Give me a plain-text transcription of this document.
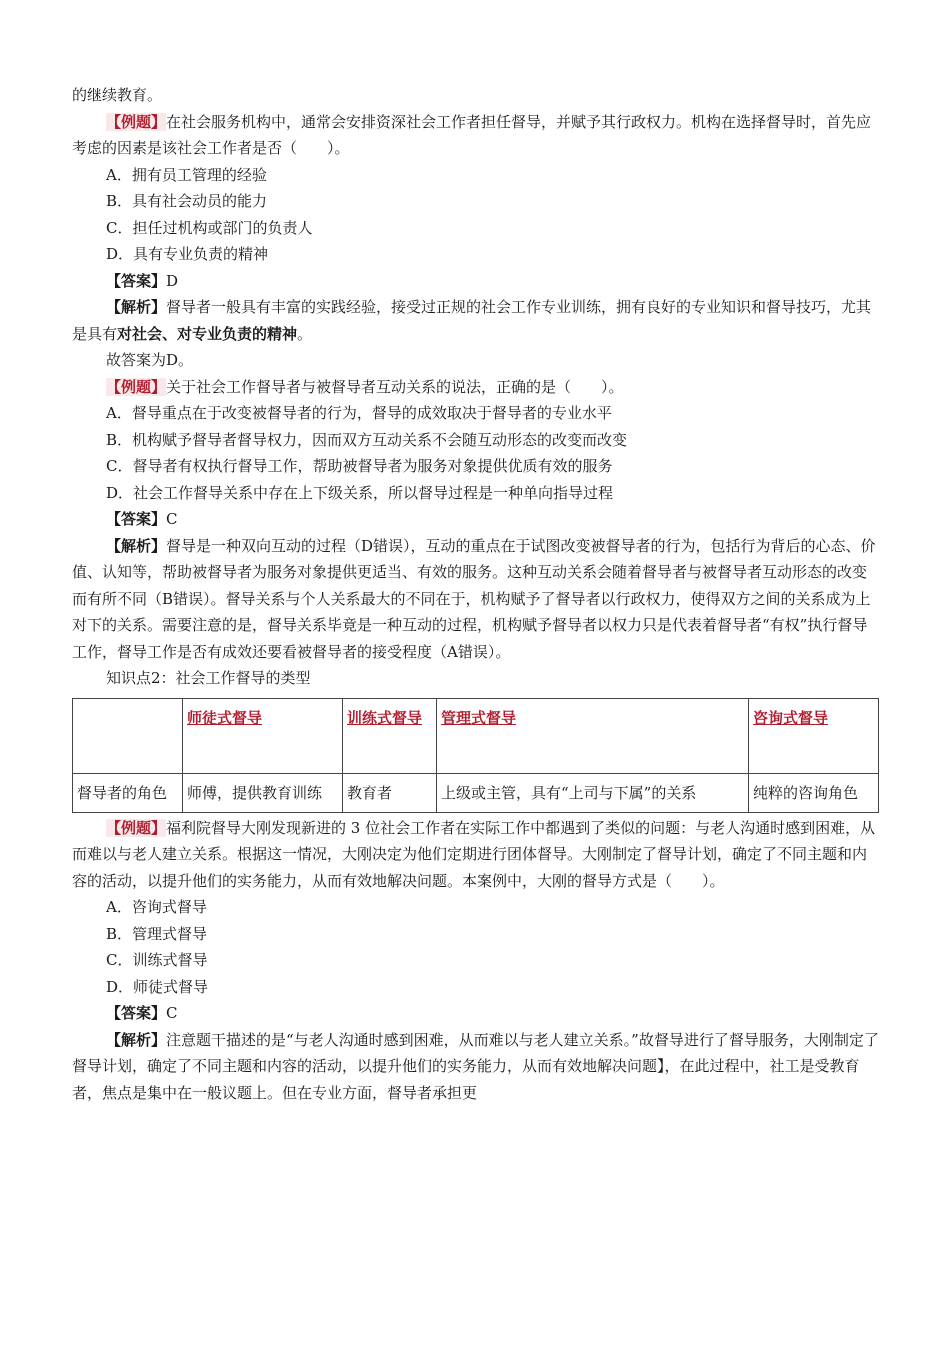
的继续教育。

【例题】在社会服务机构中，通常会安排资深社会工作者担任督导，并赋予其行政权力。机构在选择督导时，首先应考虑的因素是该社会工作者是否（　　）。

A．拥有员工管理的经验

B．具有社会动员的能力

C．担任过机构或部门的负责人

D．具有专业负责的精神

【答案】D

【解析】督导者一般具有丰富的实践经验，接受过正规的社会工作专业训练，拥有良好的专业知识和督导技巧，尤其是具有对社会、对专业负责的精神。

故答案为D。

【例题】关于社会工作督导者与被督导者互动关系的说法，正确的是（　　）。

A．督导重点在于改变被督导者的行为，督导的成效取决于督导者的专业水平

B．机构赋予督导者督导权力，因而双方互动关系不会随互动形态的改变而改变

C．督导者有权执行督导工作，帮助被督导者为服务对象提供优质有效的服务

D．社会工作督导关系中存在上下级关系，所以督导过程是一种单向指导过程

【答案】C

【解析】督导是一种双向互动的过程（D错误），互动的重点在于试图改变被督导者的行为，包括行为背后的心态、价值、认知等，帮助被督导者为服务对象提供更适当、有效的服务。这种互动关系会随着督导者与被督导者互动形态的改变而有所不同（B错误）。督导关系与个人关系最大的不同在于，机构赋予了督导者以行政权力，使得双方之间的关系成为上对下的关系。需要注意的是，督导关系毕竟是一种互动的过程，机构赋予督导者以权力只是代表着督导者“有权”执行督导工作，督导工作是否有成效还要看被督导者的接受程度（A错误）。

知识点2：社会工作督导的类型

	师徒式督导	训练式督导	管理式督导	咨询式督导
督导者的角色	师傅，提供教育训练	教育者	上级或主管，具有“上司与下属”的关系	纯粹的咨询角色

【例题】福利院督导大刚发现新进的 3 位社会工作者在实际工作中都遇到了类似的问题：与老人沟通时感到困难，从而难以与老人建立关系。根据这一情况，大刚决定为他们定期进行团体督导。大刚制定了督导计划，确定了不同主题和内容的活动，以提升他们的实务能力，从而有效地解决问题。本案例中，大刚的督导方式是（　　）。

A．咨询式督导

B．管理式督导

C．训练式督导

D．师徒式督导

【答案】C

【解析】注意题干描述的是“与老人沟通时感到困难，从而难以与老人建立关系。”故督导进行了督导服务，大刚制定了督导计划，确定了不同主题和内容的活动，以提升他们的实务能力，从而有效地解决问题】，在此过程中，社工是受教育者，焦点是集中在一般议题上。但在专业方面，督导者承担更
